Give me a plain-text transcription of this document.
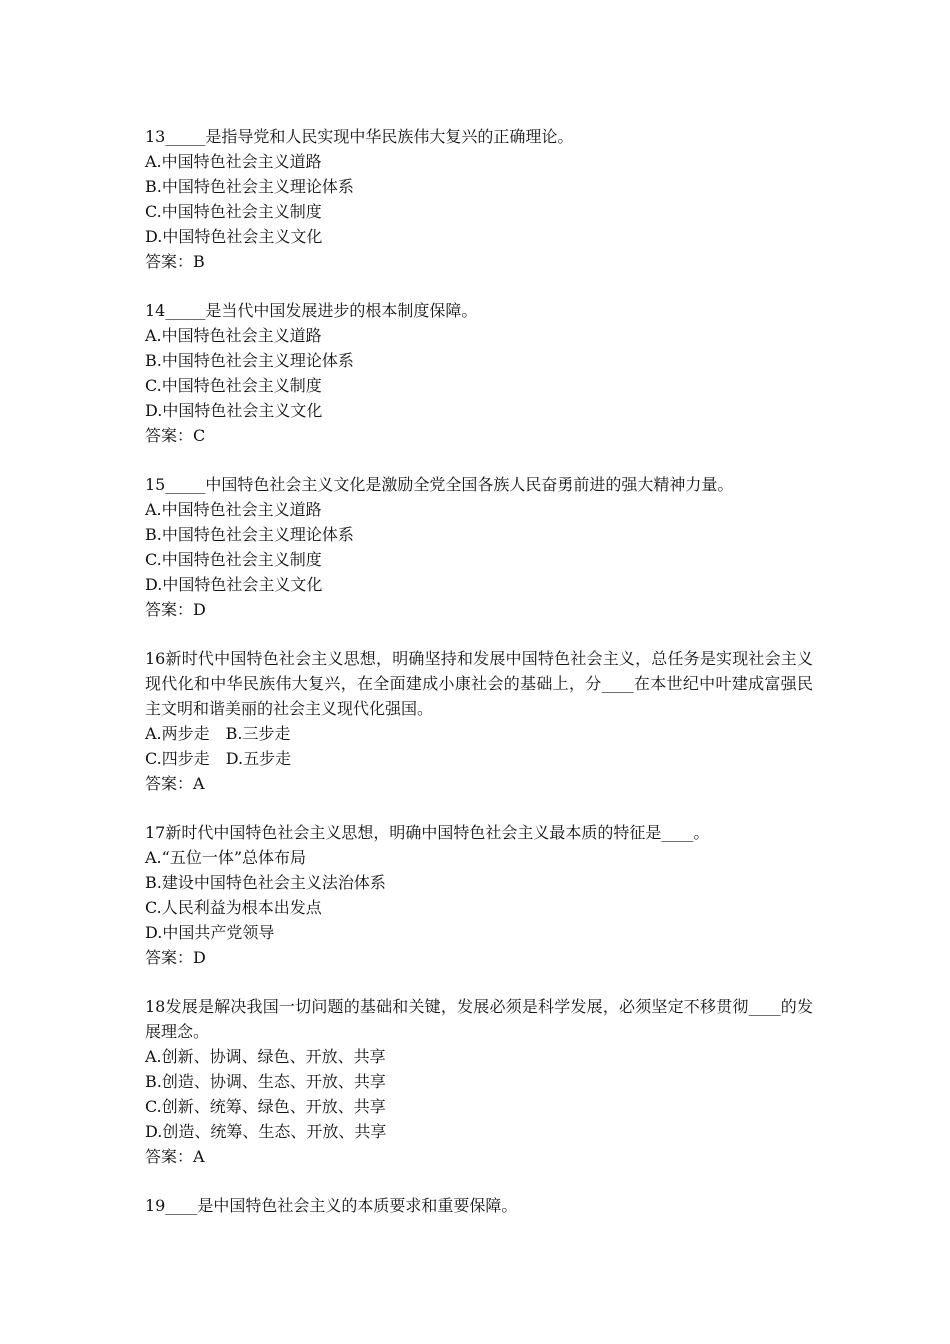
13_____是指导党和人民实现中华民族伟大复兴的正确理论。
A.中国特色社会主义道路
B.中国特色社会主义理论体系
C.中国特色社会主义制度
D.中国特色社会主义文化
答案：B
14_____是当代中国发展进步的根本制度保障。
A.中国特色社会主义道路
B.中国特色社会主义理论体系
C.中国特色社会主义制度
D.中国特色社会主义文化
答案：C
15_____中国特色社会主义文化是激励全党全国各族人民奋勇前进的强大精神力量。
A.中国特色社会主义道路
B.中国特色社会主义理论体系
C.中国特色社会主义制度
D.中国特色社会主义文化
答案：D
16新时代中国特色社会主义思想，明确坚持和发展中国特色社会主义，总任务是实现社会主义现代化和中华民族伟大复兴，在全面建成小康社会的基础上，分____在本世纪中叶建成富强民主文明和谐美丽的社会主义现代化强国。
A.两步走　B.三步走
C.四步走　D.五步走
答案：A
17新时代中国特色社会主义思想，明确中国特色社会主义最本质的特征是____。
A.“五位一体”总体布局
B.建设中国特色社会主义法治体系
C.人民利益为根本出发点
D.中国共产党领导
答案：D
18发展是解决我国一切问题的基础和关键，发展必须是科学发展，必须坚定不移贯彻____的发展理念。
A.创新、协调、绿色、开放、共享
B.创造、协调、生态、开放、共享
C.创新、统筹、绿色、开放、共享
D.创造、统筹、生态、开放、共享
答案：A
19____是中国特色社会主义的本质要求和重要保障。
